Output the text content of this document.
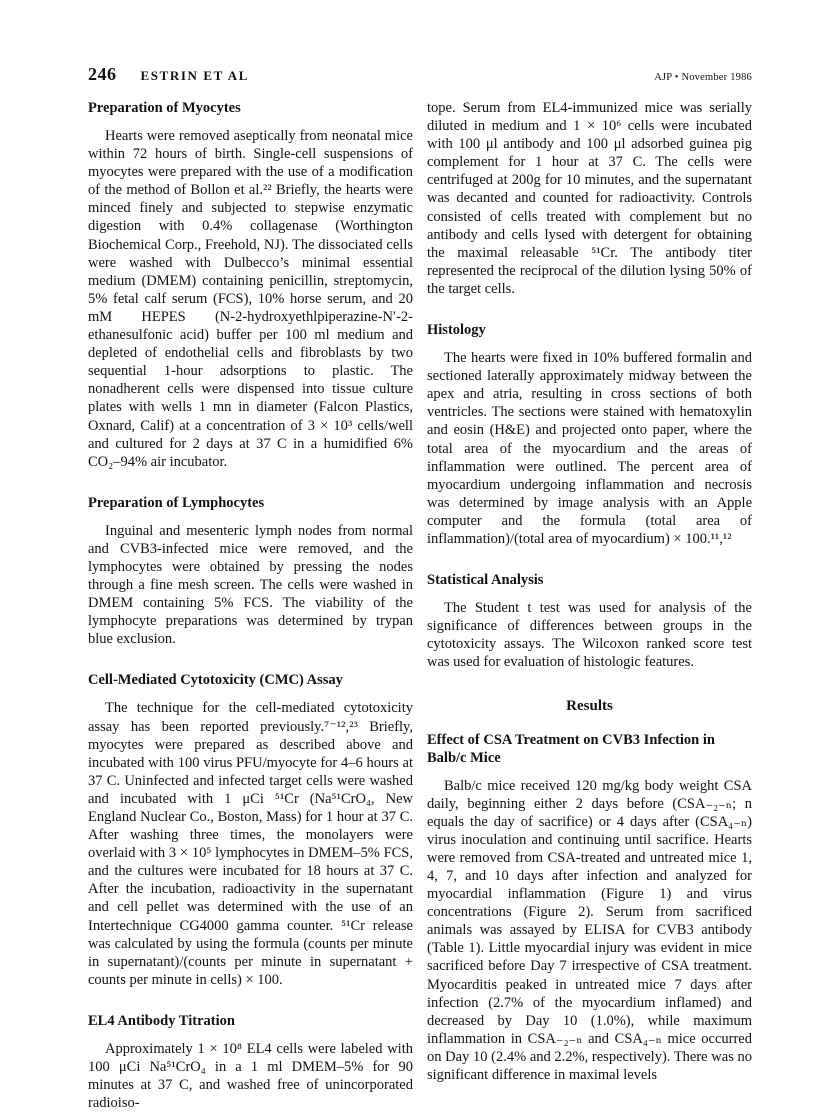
246 ESTRIN ET AL	AJP • November 1986
Preparation of Myocytes

Hearts were removed aseptically from neonatal mice within 72 hours of birth. Single-cell suspensions of myocytes were prepared with the use of a modification of the method of Bollon et al.²² Briefly, the hearts were minced finely and subjected to stepwise enzymatic digestion with 0.4% collagenase (Worthington Biochemical Corp., Freehold, NJ). The dissociated cells were washed with Dulbecco’s minimal essential medium (DMEM) containing penicillin, streptomycin, 5% fetal calf serum (FCS), 10% horse serum, and 20 mM HEPES (N-2-hydroxyethlpiperazine-N′-2-ethanesulfonic acid) buffer per 100 ml medium and depleted of endothelial cells and fibroblasts by two sequential 1-hour adsorptions to plastic. The nonadherent cells were dispensed into tissue culture plates with wells 1 mn in diameter (Falcon Plastics, Oxnard, Calif) at a concentration of 3 × 10³ cells/well and cultured for 2 days at 37 C in a humidified 6% CO₂–94% air incubator.

Preparation of Lymphocytes

Inguinal and mesenteric lymph nodes from normal and CVB3-infected mice were removed, and the lymphocytes were obtained by pressing the nodes through a fine mesh screen. The cells were washed in DMEM containing 5% FCS. The viability of the lymphocyte preparations was determined by trypan blue exclusion.

Cell-Mediated Cytotoxicity (CMC) Assay

The technique for the cell-mediated cytotoxicity assay has been reported previously.⁷⁻¹²,²³ Briefly, myocytes were prepared as described above and incubated with 100 virus PFU/myocyte for 4–6 hours at 37 C. Uninfected and infected target cells were washed and incubated with 1 μCi ⁵¹Cr (Na⁵¹CrO₄, New England Nuclear Co., Boston, Mass) for 1 hour at 37 C. After washing three times, the monolayers were overlaid with 3 × 10⁵ lymphocytes in DMEM–5% FCS, and the cultures were incubated for 18 hours at 37 C. After the incubation, radioactivity in the supernatant and cell pellet was determined with the use of an Intertechnique CG4000 gamma counter. ⁵¹Cr release was calculated by using the formula (counts per minute in supernatant)/(counts per minute in supernatant + counts per minute in cells) × 100.

EL4 Antibody Titration

Approximately 1 × 10⁸ EL4 cells were labeled with 100 μCi Na⁵¹CrO₄ in a 1 ml DMEM–5% for 90 minutes at 37 C, and washed free of unincorporated radioiso-

tope. Serum from EL4-immunized mice was serially diluted in medium and 1 × 10⁶ cells were incubated with 100 μl antibody and 100 μl adsorbed guinea pig complement for 1 hour at 37 C. The cells were centrifuged at 200g for 10 minutes, and the supernatant was decanted and counted for radioactivity. Controls consisted of cells treated with complement but no antibody and cells lysed with detergent for obtaining the maximal releasable ⁵¹Cr. The antibody titer represented the reciprocal of the dilution lysing 50% of the target cells.

Histology

The hearts were fixed in 10% buffered formalin and sectioned laterally approximately midway between the apex and atria, resulting in cross sections of both ventricles. The sections were stained with hematoxylin and eosin (H&E) and projected onto paper, where the total area of the myocardium and the areas of inflammation were outlined. The percent area of myocardium undergoing inflammation and necrosis was determined by image analysis with an Apple computer and the formula (total area of inflammation)/(total area of myocardium) × 100.¹¹,¹²

Statistical Analysis

The Student t test was used for analysis of the significance of differences between groups in the cytotoxicity assays. The Wilcoxon ranked score test was used for evaluation of histologic features.

Results
Effect of CSA Treatment on CVB3 Infection in Balb/c Mice

Balb/c mice received 120 mg/kg body weight CSA daily, beginning either 2 days before (CSA₋₂₋ₙ; n equals the day of sacrifice) or 4 days after (CSA₄₋ₙ) virus inoculation and continuing until sacrifice. Hearts were removed from CSA-treated and untreated mice 1, 4, 7, and 10 days after infection and analyzed for myocardial inflammation (Figure 1) and virus concentrations (Figure 2). Serum from sacrificed animals was assayed by ELISA for CVB3 antibody (Table 1). Little myocardial injury was evident in mice sacrificed before Day 7 irrespective of CSA treatment. Myocarditis peaked in untreated mice 7 days after infection (2.7% of the myocardium inflamed) and decreased by Day 10 (1.0%), while maximum inflammation in CSA₋₂₋ₙ and CSA₄₋ₙ mice occurred on Day 10 (2.4% and 2.2%, respectively). There was no significant difference in maximal levels
